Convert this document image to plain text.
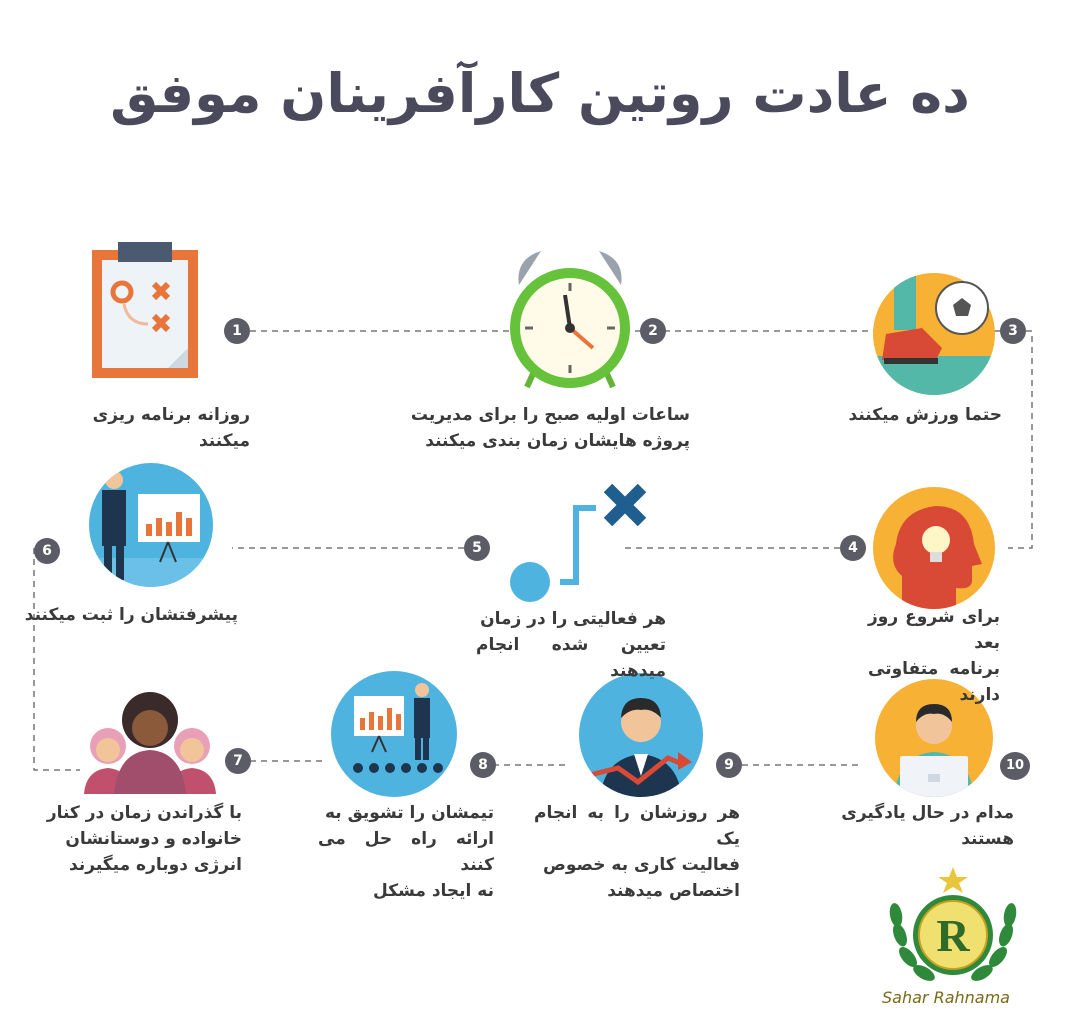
ده عادت روتین کارآفرینان موفق
1	2	3
4
5
6
7	8	9	10
روزانه برنامه ریزی میکنند
ساعات اولیه صبح را برای مدیریت
پروژه هایشان زمان بندی میکنند
حتما ورزش میکنند
برای شروع روز بعد
برنامه متفاوتی دارند
هر فعالیتی را در زمان
تعیین شده انجام میدهند
پیشرفتشان را ثبت میکنند
با گذراندن زمان در کنار
خانواده و دوستانشان
انرژی دوباره میگیرند
تیمشان را تشویق به
ارائه راه حل می کنند
نه ایجاد مشکل
هر روزشان را به انجام یک
فعالیت کاری به خصوص
اختصاص میدهند
مدام در حال یادگیری
هستند
R
Sahar Rahnama
